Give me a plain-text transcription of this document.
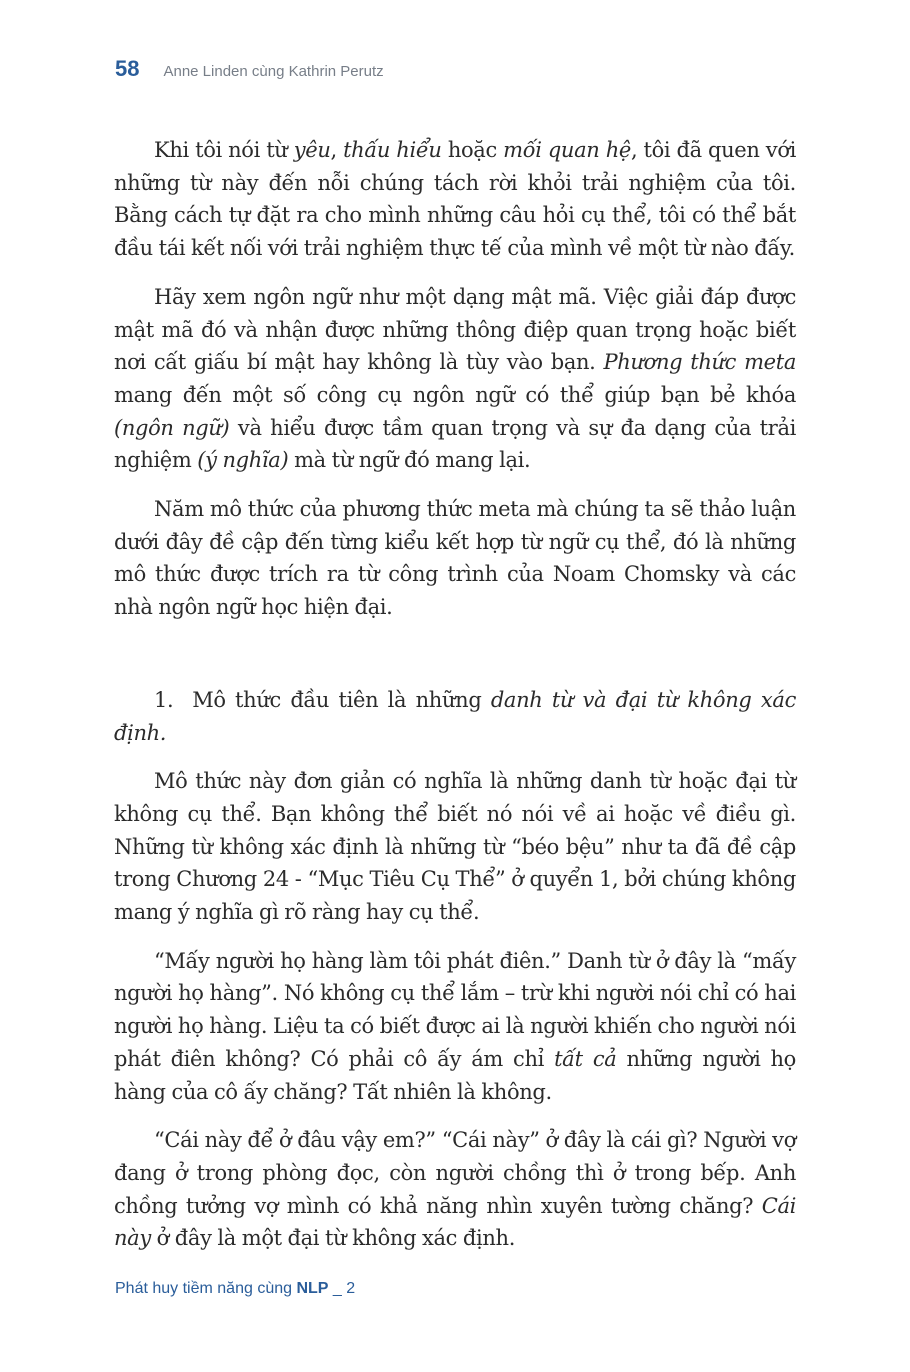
58 Anne Linden cùng Kathrin Perutz

Khi tôi nói từ yêu, thấu hiểu hoặc mối quan hệ, tôi đã quen với những từ này đến nỗi chúng tách rời khỏi trải nghiệm của tôi. Bằng cách tự đặt ra cho mình những câu hỏi cụ thể, tôi có thể bắt đầu tái kết nối với trải nghiệm thực tế của mình về một từ nào đấy.

Hãy xem ngôn ngữ như một dạng mật mã. Việc giải đáp được mật mã đó và nhận được những thông điệp quan trọng hoặc biết nơi cất giấu bí mật hay không là tùy vào bạn. Phương thức meta mang đến một số công cụ ngôn ngữ có thể giúp bạn bẻ khóa (ngôn ngữ) và hiểu được tầm quan trọng và sự đa dạng của trải nghiệm (ý nghĩa) mà từ ngữ đó mang lại.

Năm mô thức của phương thức meta mà chúng ta sẽ thảo luận dưới đây đề cập đến từng kiểu kết hợp từ ngữ cụ thể, đó là những mô thức được trích ra từ công trình của Noam Chomsky và các nhà ngôn ngữ học hiện đại.

1. Mô thức đầu tiên là những danh từ và đại từ không xác định.

Mô thức này đơn giản có nghĩa là những danh từ hoặc đại từ không cụ thể. Bạn không thể biết nó nói về ai hoặc về điều gì. Những từ không xác định là những từ “béo bệu” như ta đã đề cập trong Chương 24 - “Mục Tiêu Cụ Thể” ở quyển 1, bởi chúng không mang ý nghĩa gì rõ ràng hay cụ thể.

“Mấy người họ hàng làm tôi phát điên.” Danh từ ở đây là “mấy người họ hàng”. Nó không cụ thể lắm – trừ khi người nói chỉ có hai người họ hàng. Liệu ta có biết được ai là người khiến cho người nói phát điên không? Có phải cô ấy ám chỉ tất cả những người họ hàng của cô ấy chăng? Tất nhiên là không.

“Cái này để ở đâu vậy em?” “Cái này” ở đây là cái gì? Người vợ đang ở trong phòng đọc, còn người chồng thì ở trong bếp. Anh chồng tưởng vợ mình có khả năng nhìn xuyên tường chăng? Cái này ở đây là một đại từ không xác định.

Phát huy tiềm năng cùng NLP _ 2
